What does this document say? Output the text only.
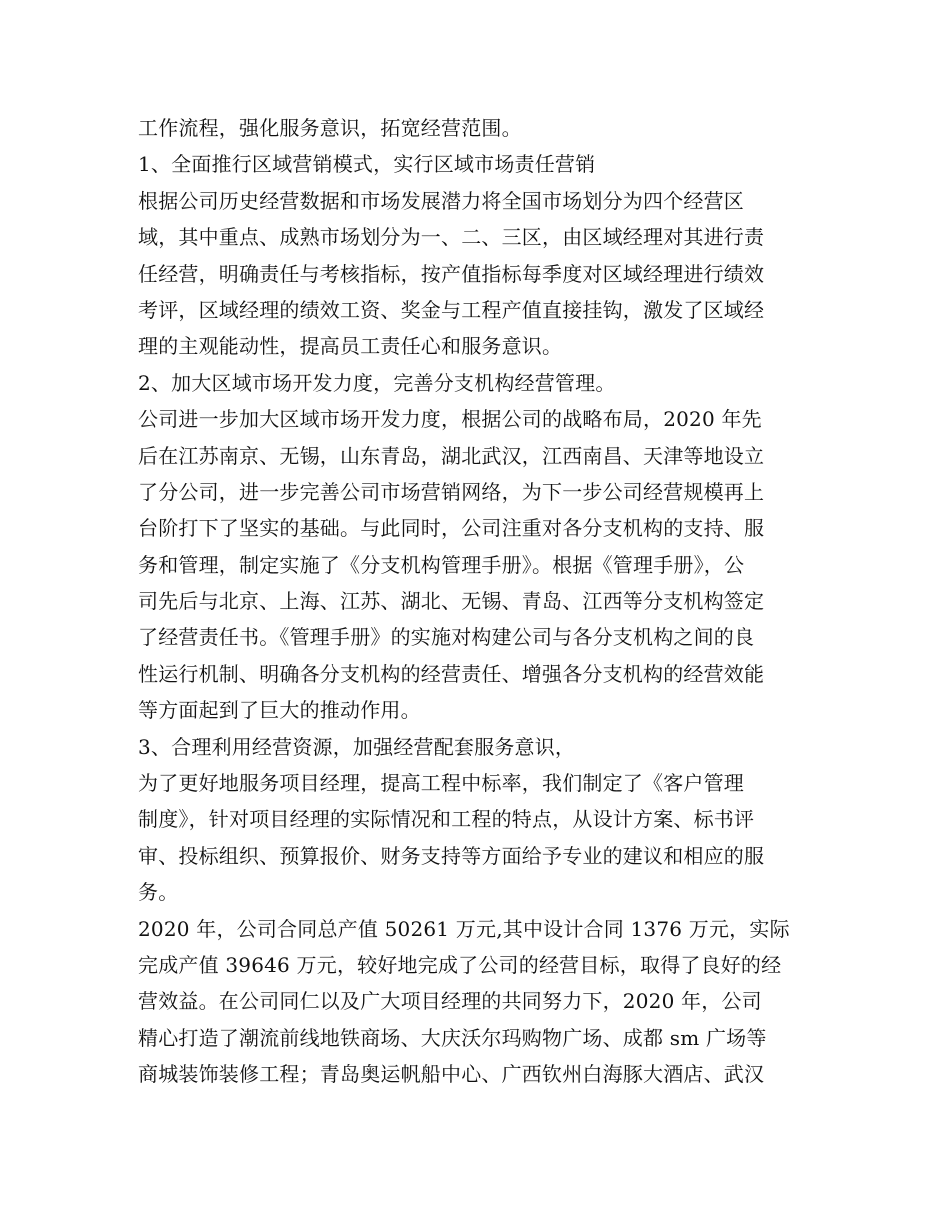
工作流程，强化服务意识，拓宽经营范围。
1、全面推行区域营销模式，实行区域市场责任营销
根据公司历史经营数据和市场发展潜力将全国市场划分为四个经营区
域，其中重点、成熟市场划分为一、二、三区，由区域经理对其进行责
任经营，明确责任与考核指标，按产值指标每季度对区域经理进行绩效
考评，区域经理的绩效工资、奖金与工程产值直接挂钩，激发了区域经
理的主观能动性，提高员工责任心和服务意识。
2、加大区域市场开发力度，完善分支机构经营管理。
公司进一步加大区域市场开发力度，根据公司的战略布局，2020 年先
后在江苏南京、无锡，山东青岛，湖北武汉，江西南昌、天津等地设立
了分公司，进一步完善公司市场营销网络，为下一步公司经营规模再上
台阶打下了坚实的基础。与此同时，公司注重对各分支机构的支持、服
务和管理，制定实施了《分支机构管理手册》。根据《管理手册》，公
司先后与北京、上海、江苏、湖北、无锡、青岛、江西等分支机构签定
了经营责任书。《管理手册》的实施对构建公司与各分支机构之间的良
性运行机制、明确各分支机构的经营责任、增强各分支机构的经营效能
等方面起到了巨大的推动作用。
3、合理利用经营资源，加强经营配套服务意识，
为了更好地服务项目经理，提高工程中标率，我们制定了《客户管理
制度》，针对项目经理的实际情况和工程的特点，从设计方案、标书评
审、投标组织、预算报价、财务支持等方面给予专业的建议和相应的服
务。
2020 年，公司合同总产值 50261 万元,其中设计合同 1376 万元，实际
完成产值 39646 万元，较好地完成了公司的经营目标，取得了良好的经
营效益。在公司同仁以及广大项目经理的共同努力下，2020 年，公司
精心打造了潮流前线地铁商场、大庆沃尔玛购物广场、成都 sm 广场等
商城装饰装修工程；青岛奥运帆船中心、广西钦州白海豚大酒店、武汉
